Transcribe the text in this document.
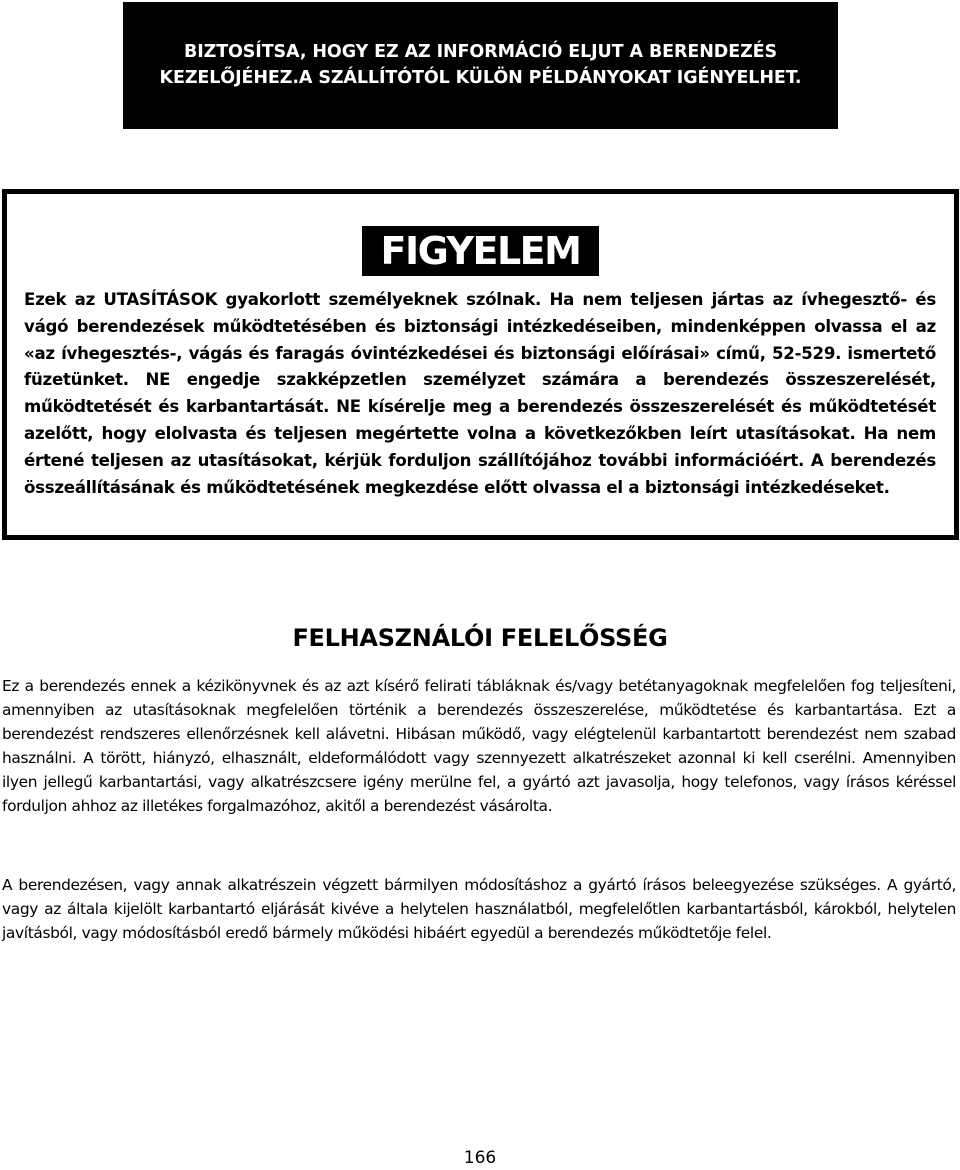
BIZTOSÍTSA, HOGY EZ AZ INFORMÁCIÓ ELJUT A BERENDEZÉS
KEZELŐJÉHEZ.A SZÁLLÍTÓTÓL KÜLÖN PÉLDÁNYOKAT IGÉNYELHET.
FIGYELEM
Ezek az UTASÍTÁSOK gyakorlott személyeknek szólnak. Ha nem teljesen jártas az ívhegesztő- és vágó berendezések működtetésében és biztonsági intézkedéseiben, mindenképpen olvassa el az «az ívhegesztés-, vágás és faragás óvintézkedései és biztonsági előírásai» című, 52-529. ismertető füzetünket. NE engedje szakképzetlen személyzet számára a berendezés összeszerelését, működtetését és karbantartását. NE kísérelje meg a berendezés összeszerelését és működtetését azelőtt, hogy elolvasta és teljesen megértette volna a következőkben leírt utasításokat. Ha nem értené teljesen az utasításokat, kérjük forduljon szállítójához további információért. A berendezés összeállításának és működtetésének megkezdése előtt olvassa el a biztonsági intézkedéseket.
FELHASZNÁLÓI FELELŐSSÉG
Ez a berendezés ennek a kézikönyvnek és az azt kísérő felirati tábláknak és/vagy betétanyagoknak megfelelően fog teljesíteni, amennyiben az utasításoknak megfelelően történik a berendezés összeszerelése, működtetése és karbantartása. Ezt a berendezést rendszeres ellenőrzésnek kell alávetni. Hibásan működő, vagy elégtelenül karbantartott berendezést nem szabad használni. A törött, hiányzó, elhasznált, eldeformálódott vagy szennyezett alkatrészeket azonnal ki kell cserélni. Amennyiben ilyen jellegű karbantartási, vagy alkatrészcsere igény merülne fel, a gyártó azt javasolja, hogy telefonos, vagy írásos kéréssel forduljon ahhoz az illetékes forgalmazóhoz, akitől a berendezést vásárolta.
A berendezésen, vagy annak alkatrészein végzett bármilyen módosításhoz a gyártó írásos beleegyezése szükséges. A gyártó, vagy az általa kijelölt karbantartó eljárását kivéve a helytelen használatból, megfelelőtlen karbantartásból, károkból, helytelen javításból, vagy módosításból eredő bármely működési hibáért egyedül a berendezés működtetője felel.
166
